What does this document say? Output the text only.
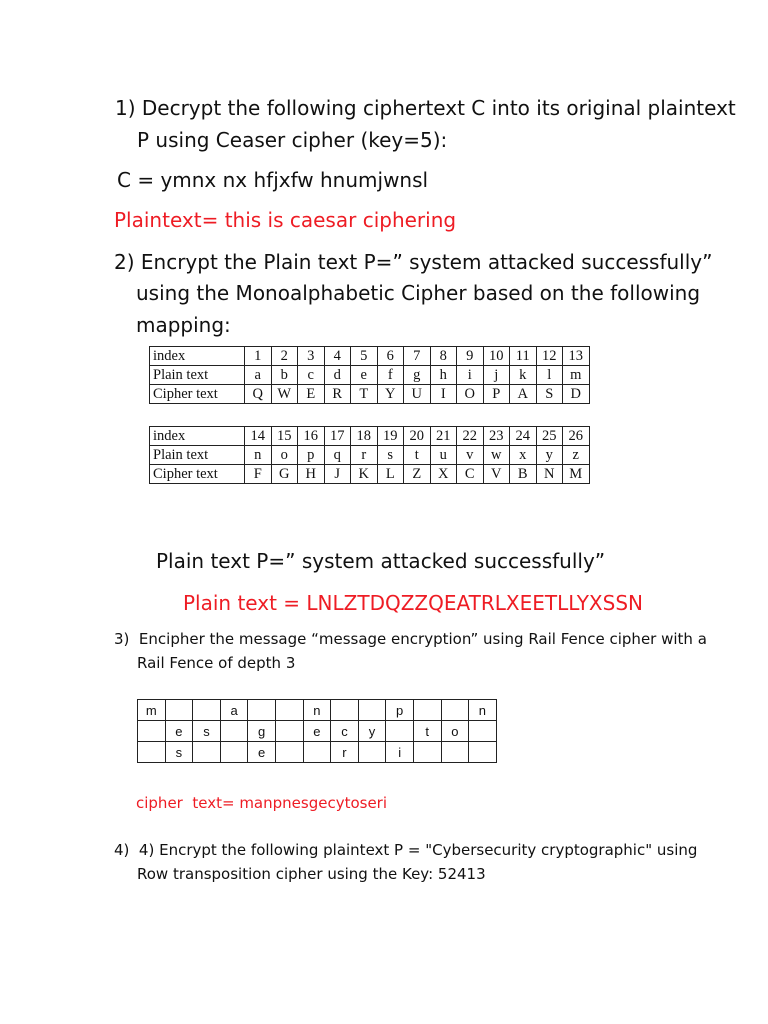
1) Decrypt the following ciphertext C into its original plaintext
P using Ceaser cipher (key=5):
C = ymnx nx hfjxfw hnumjwnsl
Plaintext= this is caesar ciphering
2) Encrypt the Plain text P=” system attacked successfully”
using the Monoalphabetic Cipher based on the following
mapping:
index	1	2	3	4	5	6	7	8	9	10	11	12	13
Plain text	a	b	c	d	e	f	g	h	i	j	k	l	m
Cipher text	Q	W	E	R	T	Y	U	I	O	P	A	S	D
index	14	15	16	17	18	19	20	21	22	23	24	25	26
Plain text	n	o	p	q	r	s	t	u	v	w	x	y	z
Cipher text	F	G	H	J	K	L	Z	X	C	V	B	N	M
Plain text P=” system attacked successfully”
Plain text = LNLZTDQZZQEATRLXEETLLYXSSN
3)  Encipher the message “message encryption” using Rail Fence cipher with a
Rail Fence of depth 3
m			a			n			p			n
	e	s		g		e	c	y		t	o	
	s			e			r		i			
cipher  text= manpnesgecytoseri
4)  4) Encrypt the following plaintext P = "Cybersecurity cryptographic" using
Row transposition cipher using the Key: 52413
